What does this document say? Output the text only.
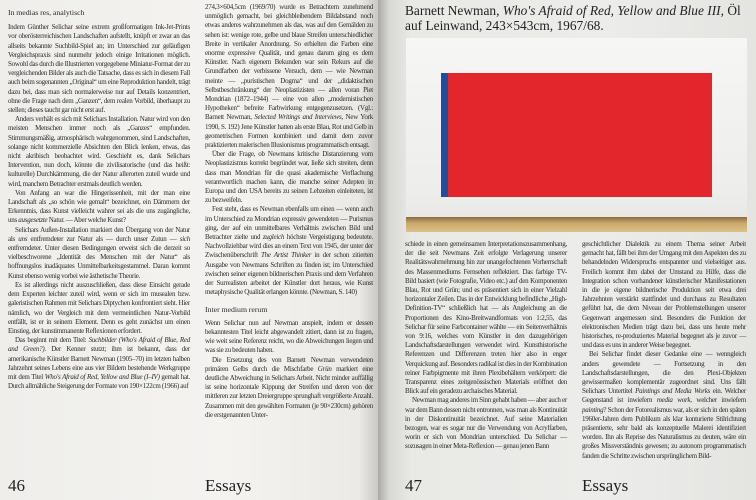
In medias res, analytisch

Indem Günther Selichar seine extrem großformatigen Ink-Jet-Prints vor oberösterreichischen Landschaften aufstellt, knüpft er zwar an das allseits bekannte Suchbild-Spiel an; im Unterschied zur geläufigen Vergleichspraxis sind nunmehr jedoch einige Irritationen möglich. Sowohl das durch die Illustrierten vorgegebene Miniatur-Format der zu vergleichenden Bilder als auch die Tatsache, dass es sich in diesem Fall auch beim sogenannten „Original“ um eine Reproduktion handelt, trägt dazu bei, dass man sich normalerweise nur auf Details konzentriert, ohne die Frage nach dem „Ganzen“, dem realen Vorbild, überhaupt zu stellen; dieses taucht gar nicht erst auf.

Anders verhält es sich mit Selichars Installation. Natur wird von den meisten Menschen immer noch als „Ganzes“ empfunden. Stimmungsmäßig, atmosphärisch wahrgenommen, sind Landschaften, solange nicht kommerzielle Absichten den Blick lenken, etwas, das nicht akribisch beobachtet wird. Geschieht es, dank Selichars Intervention, nun doch, könnte die zivilisatorische (und das heißt: kulturelle) Durchkämmung, die der Natur allerorten zuteil wurde und wird, manchem Betrachter erstmals deutlich werden.

Von Anfang an war die Hingerissenheit, mit der man eine Landschaft als „so schön wie gemalt“ bezeichnet, ein Dämmern der Erkenntnis, dass Kunst vielleicht wahrer sei als die uns zugängliche, uns ausgesetzte Natur. — Aber welche Kunst?

Selichars Außen-Installation markiert den Übergang von der Natur als uns entfremdeter zur Natur als — durch unser Zutun — sich entfremdeter. Unter diesen Bedingungen erweist sich die derzeit so vielbeschworene „Identität des Menschen mit der Natur“ als hoffnungslos inadäquates Unmittelbarkeitsgestammel. Daran kommt Kunst ebenso wenig vorbei wie ästhetische Theorie.

Es ist allerdings nicht auszuschließen, dass diese Einsicht gerade dem Experten leichter zuteil wird, wenn er sich im musealen bzw. galeristischen Rahmen mit Selichars Diptychen konfrontiert sieht. Hier nämlich, wo der Vergleich mit dem vermeintlichen Natur-Vorbild entfällt, ist er in seinem Element. Denn es geht zunächst um einen Einstieg, der kunstimmanente Reflexionen erfordert.

Das beginnt mit dem Titel: Suchbilder (Who's Afraid of Blue, Red and Green?). Der Kenner stutzt; ihm ist bekannt, dass der amerikanische Künstler Barnett Newman (1905–70) im letzten halben Jahrzehnt seines Lebens eine aus vier Bildern bestehende Werkgruppe mit dem Titel Who's Afraid of Red, Yellow and Blue (I–IV) gemalt hat. Durch allmähliche Steigerung der Formate von 190×122cm (1966) auf

274,3×604,5cm (1969/70) wurde es Betrachtern zunehmend unmöglich gemacht, bei gleichbleibendem Bildabstand noch etwas anderes wahrzunehmen als das, was auf den Gemälden zu sehen ist: wenige rote, gelbe und blaue Streifen unterschiedlicher Breite in vertikaler Anordnung. So erhielten die Farben eine enorme expressive Qualität, und genau darum ging es dem Künstler. Nach eigenem Bekunden war sein Rekurs auf die Grundfarben der verbissene Versuch, dem — wie Newman meinte — „puristischen Dogma“ und der „didaktischen Selbstbeschränkung“ der Neoplastizisten — allen voran Piet Mondrian (1872–1944) — eine von allen „modernistischen Hypotheken“ befreite Farbwirkung entgegenzusetzen. (Vgl.: Barnett Newman, Selected Writings and Interviews, New York 1990, S. 192) Jene Künstler hatten als erste Blau, Rot und Gelb in geometrischen Formen kombiniert und damit dem zuvor praktizierten malerischen Illusionismus programmatisch entsagt.

Über die Frage, ob Newmans kritische Distanzierung vom Neoplastizismus korrekt begründet war, ließe sich streiten, denn dass man Mondrian für die quasi akademische Verflachung verantwortlich machen kann, die manche seiner Adepten in Europa und den USA bereits zu seinen Lebzeiten einleiteten, ist zu bezweifeln.

Fest steht, dass es Newman ebenfalls um einen — wenn auch im Unterschied zu Mondrian expressiv gewendeten — Purismus ging, der auf ein unmittelbares Verhältnis zwischen Bild und Betrachter zielte und zugleich höchste Vergeistigung bedeutete. Nachvollziehbar wird dies an einem Text von 1945, der unter der Zwischenüberschrift The Artist Thinker in der schon zitierten Ausgabe von Newmans Schriften zu finden ist; im Unterschied zwischen seiner eigenen bildnerischen Praxis und dem Verfahren der Surrealisten arbeitet der Künstler dort heraus, wie Kunst metaphysische Qualität erlangen könnte. (Newman, S. 140)

Inter medium rerum

Wenn Selichar nun auf Newman anspielt, indem er dessen bekanntesten Titel leicht abgewandelt zitiert, dann ist zu fragen, wie weit seine Referenz reicht, wo die Abweichungen liegen und was sie zu bedeuten haben.

Die Ersetzung des von Barnett Newman verwendeten primären Gelbs durch die Mischfarbe Grün markiert eine deutliche Abweichung in Selichars Arbeit. Nicht minder auffällig ist seine horizontale Kippung der Streifen und deren von der mittleren zur letzten Dreiergruppe sprunghaft vergrößerte Anzahl. Zusammen mit den gewählten Formaten (je 90×230cm) gehören die erstgenannten Unter-

46	Essays
Barnett Newman, Who's Afraid of Red, Yellow and Blue III, Öl auf Leinwand, 243×543cm, 1967/68.

schiede in einen gemeinsamen Interpretationszusammenhang, der die seit Newmans Zeit erfolgte Verlagerung unserer Realitätswahrnehmung hin zur unangefochtenen Vorherrschaft des Massenmediums Fernsehen reflektiert. Das farbige TV-Bild basiert (wie Fotografie, Video etc.) auf den Komponenten Blau, Rot und Grün; und es präsentiert sich in einer Vielzahl horizontaler Zeilen. Das in der Entwicklung befindliche „High-Definition-TV“ schließlich hat — als Angleichung an die Proportionen des Kino-Breitwandformats von 1:2,55, das Selichar für seine Farbcontainer wählte — ein Seitenverhältnis von 9:16, welches vom Künstler in den dazugehörigen Landschaftsdarstellungen verwendet wird. Kunsthistorische Referenzen und Differenzen treten hier also in enger Verquickung auf. Besonders radikal ist dies in der Kombination reiner Farbpigmente mit ihren Plexibehältern verkörpert: die Transparenz eines zeitgenössischen Materials eröffnet den Blick auf ein geradezu archaisches Material.

Newman mag anderes im Sinn gehabt haben — aber auch er war dem Bann dessen nicht entronnen, was man als Kontinuität in der Diskontinuität bezeichnet. Auf seine Materialien bezogen, war es sogar nur die Verwendung von Acrylfarben, worin er sich von Mondrian unterschied. Da Selichar — sozusagen in einer Meta-Reflexion — genau jenen Bann

geschichtlicher Dialektik zu einem Thema seiner Arbeit gemacht hat, fällt bei ihm der Umgang mit den Aspekten des zu behandelnden Widerspruchs entspannter und vielseitiger aus. Freilich kommt ihm dabei der Umstand zu Hilfe, dass die Integration schon vorhandener künstlerischer Manifestationen in die je eigene bildnerische Produktion seit etwa drei Jahrzehnten verstärkt stattfindet und durchaus zu Resultaten geführt hat, die dem Niveau der Problemstellungen unserer Gegenwart angemessen sind. Besonders die Funktion der elektronischen Medien trägt dazu bei, dass uns heute mehr historisches, re-produziertes Material begegnet als je zuvor — und dass es uns in anderer Weise begegnet.

Bei Selichar findet dieser Gedanke eine — wenngleich anders gewendete — Fortsetzung in den Landschaftsdarstellungen, die den Plexi-Objekten gewissermaßen komplementär zugeordnet sind. Uns fällt Selichars Untertitel Paintings and Media Works ein. Welcher Gegenstand ist inwiefern media work, welcher inwiefern painting? Schon der Fotorealismus war, als er sich in den späten 1960er-Jahren dem Publikum als klar konturierte Stilrichtung präsentierte, sehr bald als konzeptuelle Malerei identifiziert worden. Ihn als Reprise des Naturalismus zu deuten, wäre ein großes Missverständnis gewesen; zu autonom programmatisch fanden die Schritte zwischen ursprünglichem Bild-

47	Essays
